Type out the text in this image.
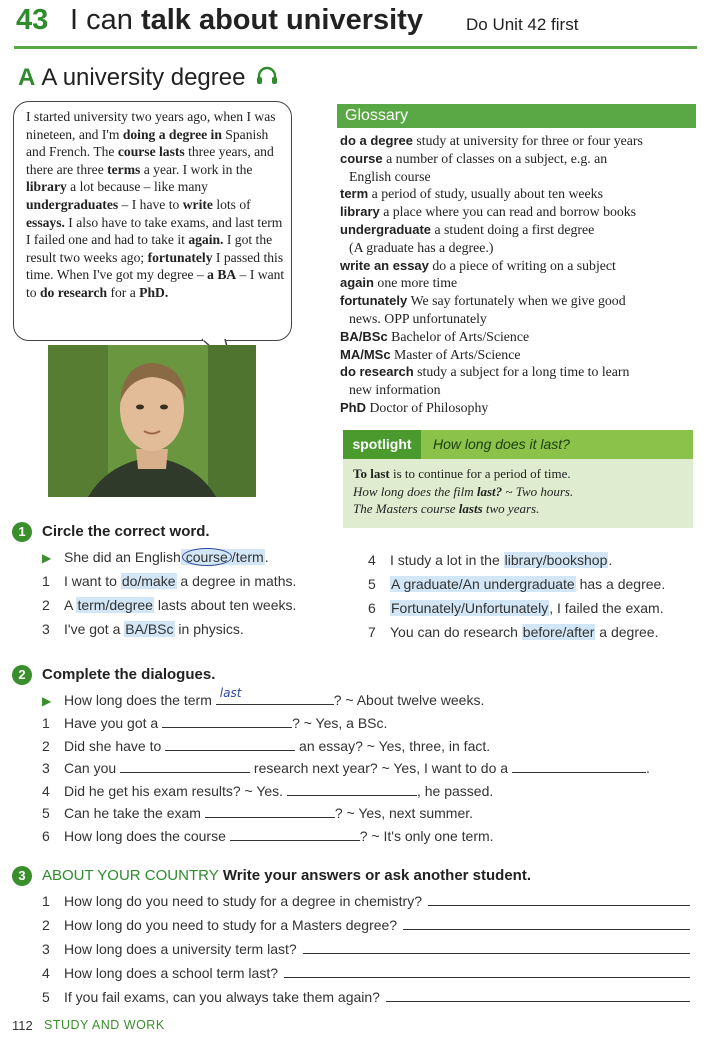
43 I can talk about university	Do Unit 42 first
A A university degree
I started university two years ago, when I was nineteen, and I'm doing a degree in Spanish and French. The course lasts three years, and there are three terms a year. I work in the library a lot because – like many undergraduates – I have to write lots of essays. I also have to take exams, and last term I failed one and had to take it again. I got the result two weeks ago; fortunately I passed this time. When I've got my degree – a BA – I want to do research for a PhD.
Glossary
do a degree study at university for three or four years
course a number of classes on a subject, e.g. an
English course
term a period of study, usually about ten weeks
library a place where you can read and borrow books
undergraduate a student doing a first degree
(A graduate has a degree.)
write an essay do a piece of writing on a subject
again one more time
fortunately We say fortunately when we give good
news. OPP unfortunately
BA/BSc Bachelor of Arts/Science
MA/MSc Master of Arts/Science
do research study a subject for a long time to learn
new information
PhD Doctor of Philosophy
spotlight	How long does it last?
To last is to continue for a period of time.
How long does the film last? ~ Two hours.
The Masters course lasts two years.
1 Circle the correct word.
▶ She did an English course /term.
1 I want to do/make a degree in maths.
2 A term/degree lasts about ten weeks.
3 I've got a BA/BSc in physics.
4 I study a lot in the library/bookshop.
5 A graduate/An undergraduate has a degree.
6 Fortunately/Unfortunately, I failed the exam.
7 You can do research before/after a degree.
2 Complete the dialogues.
▶ How long does the term last	? ~ About twelve weeks.
1 Have you got a	? ~ Yes, a BSc.
2 Did she have to	an essay? ~ Yes, three, in fact.
3 Can you	research next year? ~ Yes, I want to do a	.
4 Did he get his exam results? ~ Yes.	, he passed.
5 Can he take the exam	? ~ Yes, next summer.
6 How long does the course	? ~ It's only one term.
3 ABOUT YOUR COUNTRY Write your answers or ask another student.
1	How long do you need to study for a degree in chemistry?
2	How long do you need to study for a Masters degree?
3	How long does a university term last?
4	How long does a school term last?
5	If you fail exams, can you always take them again?
112 STUDY AND WORK
